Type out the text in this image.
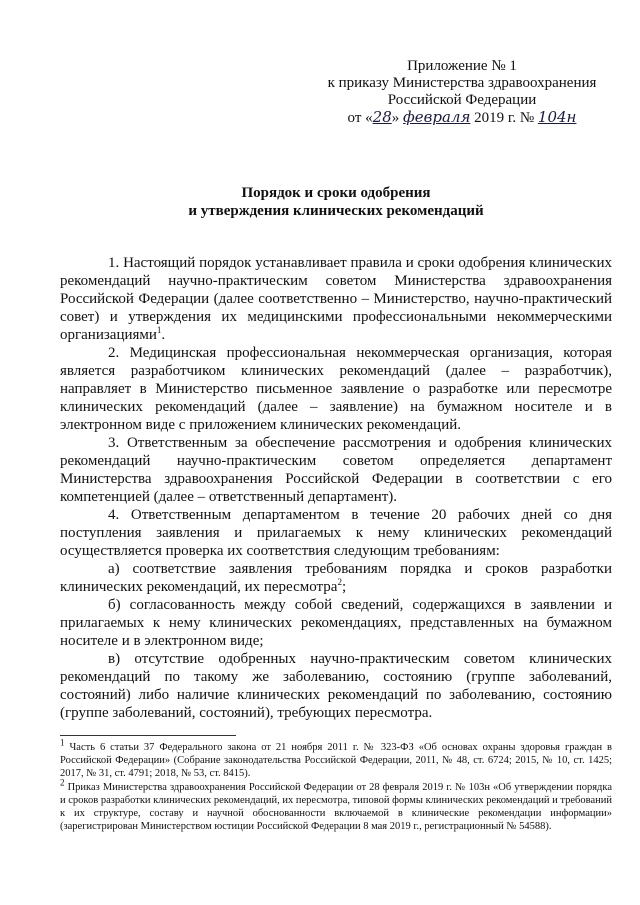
Приложение № 1
к приказу Министерства здравоохранения
Российской Федерации
от «28» февраля 2019 г. № 104н
Порядок и сроки одобрения
и утверждения клинических рекомендаций

1. Настоящий порядок устанавливает правила и сроки одобрения клинических рекомендаций научно-практическим советом Министерства здравоохранения Российской Федерации (далее соответственно – Министерство, научно-практический совет) и утверждения их медицинскими профессиональными некоммерческими организациями$^1$.

2. Медицинская профессиональная некоммерческая организация, которая является разработчиком клинических рекомендаций (далее – разработчик), направляет в Министерство письменное заявление о разработке или пересмотре клинических рекомендаций (далее – заявление) на бумажном носителе и в электронном виде с приложением клинических рекомендаций.

3. Ответственным за обеспечение рассмотрения и одобрения клинических рекомендаций научно-практическим советом определяется департамент Министерства здравоохранения Российской Федерации в соответствии с его компетенцией (далее – ответственный департамент).

4. Ответственным департаментом в течение 20 рабочих дней со дня поступления заявления и прилагаемых к нему клинических рекомендаций осуществляется проверка их соответствия следующим требованиям:

а) соответствие заявления требованиям порядка и сроков разработки клинических рекомендаций, их пересмотра$^2$;

б) согласованность между собой сведений, содержащихся в заявлении и прилагаемых к нему клинических рекомендациях, представленных на бумажном носителе и в электронном виде;

в) отсутствие одобренных научно-практическим советом клинических рекомендаций по такому же заболеванию, состоянию (группе заболеваний, состояний) либо наличие клинических рекомендаций по заболеванию, состоянию (группе заболеваний, состояний), требующих пересмотра.

$^1$ Часть 6 статьи 37 Федерального закона от 21 ноября 2011 г. № 323-ФЗ «Об основах охраны здоровья граждан в Российской Федерации» (Собрание законодательства Российской Федерации, 2011, № 48, ст. 6724; 2015, № 10, ст. 1425; 2017, № 31, ст. 4791; 2018, № 53, ст. 8415).

$^2$ Приказ Министерства здравоохранения Российской Федерации от 28 февраля 2019 г. № 103н «Об утверждении порядка и сроков разработки клинических рекомендаций, их пересмотра, типовой формы клинических рекомендаций и требований к их структуре, составу и научной обоснованности включаемой в клинические рекомендации информации» (зарегистрирован Министерством юстиции Российской Федерации 8 мая 2019 г., регистрационный № 54588).
